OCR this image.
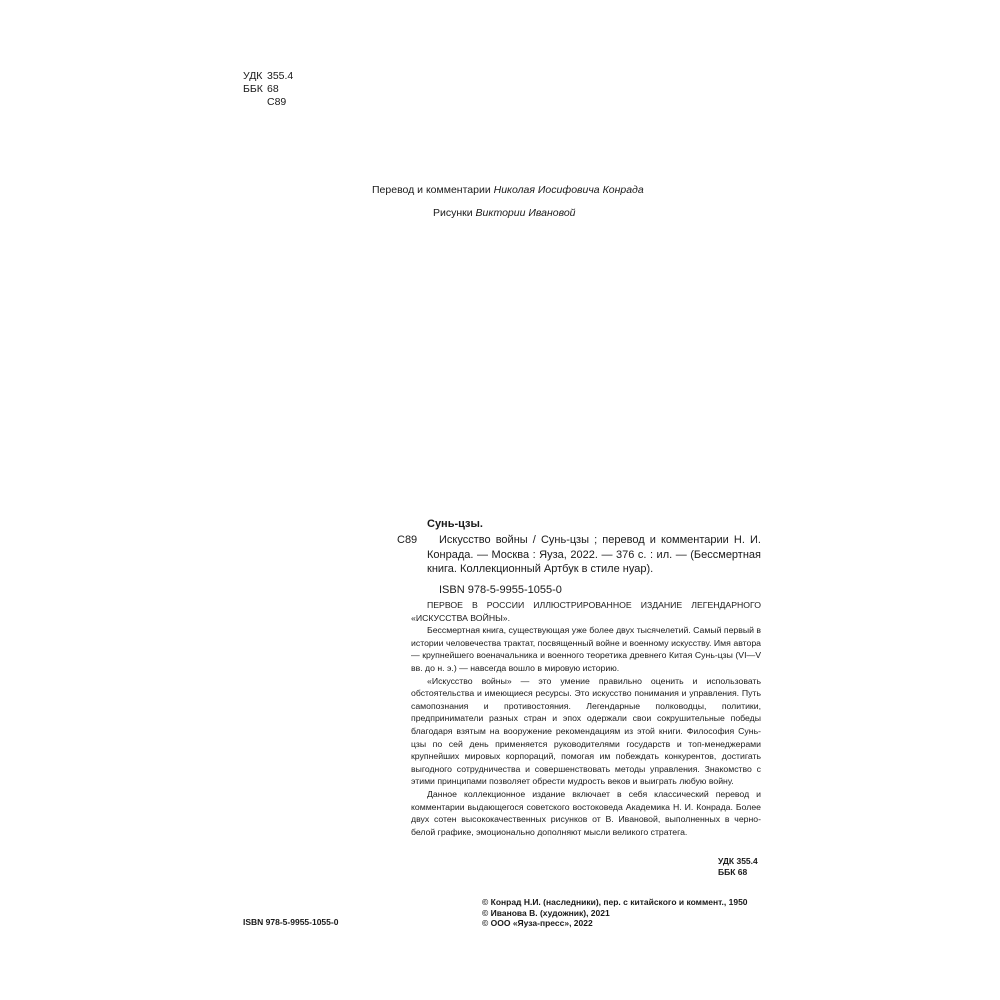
УДК 355.4
ББК 68
С89
Перевод и комментарии Николая Иосифовича Конрада
Рисунки Виктории Ивановой
Сунь-цзы.
С89	Искусство войны / Сунь-цзы ; перевод и комментарии Н. И. Конрада. — Москва : Яуза, 2022. — 376 с. : ил. — (Бессмертная книга. Коллекционный Артбук в стиле нуар).
ISBN 978-5-9955-1055-0

ПЕРВОЕ В РОССИИ ИЛЛЮСТРИРОВАННОЕ ИЗДАНИЕ ЛЕГЕНДАРНОГО «ИСКУССТВА ВОЙНЫ».

Бессмертная книга, существующая уже более двух тысячелетий. Самый первый в истории человечества трактат, посвященный войне и военному искусству. Имя автора — крупнейшего военачальника и военного теоретика древнего Китая Сунь-цзы (VI—V вв. до н. э.) — навсегда вошло в мировую историю.

«Искусство войны» — это умение правильно оценить и использовать обстоятельства и имеющиеся ресурсы. Это искусство понимания и управления. Путь самопознания и противостояния. Легендарные полководцы, политики, предприниматели разных стран и эпох одержали свои сокрушительные победы благодаря взятым на вооружение рекомендациям из этой книги. Философия Сунь-цзы по сей день применяется руководителями государств и топ-менеджерами крупнейших мировых корпораций, помогая им побеждать конкурентов, достигать выгодного сотрудничества и совершенствовать методы управления. Знакомство с этими принципами позволяет обрести мудрость веков и выиграть любую войну.

Данное коллекционное издание включает в себя классический перевод и комментарии выдающегося советского востоковеда Академика Н. И. Конрада. Более двух сотен высококачественных рисунков от В. Ивановой, выполненных в черно-белой графике, эмоционально дополняют мысли великого стратега.

УДК 355.4
ББК 68
ISBN 978-5-9955-1055-0
© Конрад Н.И. (наследники), пер. с китайского и коммент., 1950
© Иванова В. (художник), 2021
© ООО «Яуза-пресс», 2022
